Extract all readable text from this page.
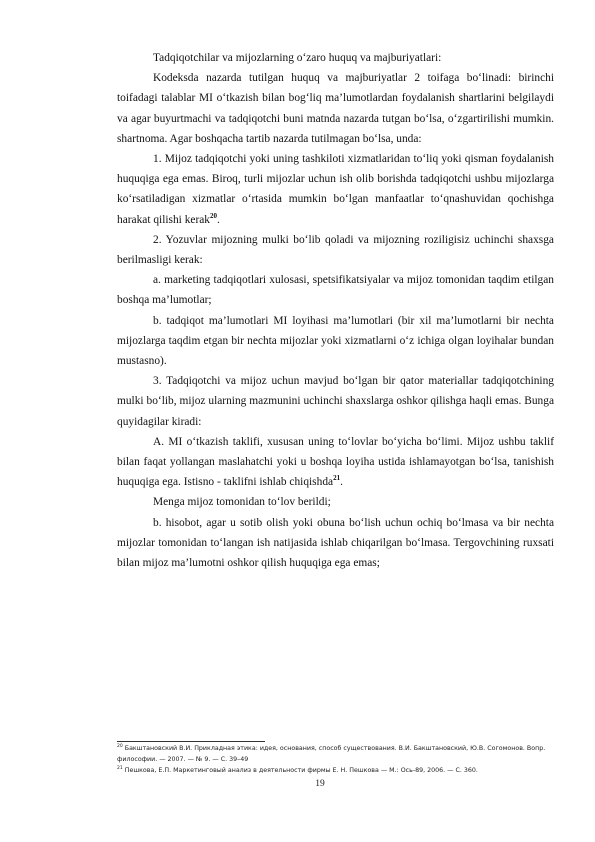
Tadqiqotchilar va mijozlarning o‘zaro huquq va majburiyatlari:

Kodeksda nazarda tutilgan huquq va majburiyatlar 2 toifaga bo‘linadi: birinchi toifadagi talablar MI o‘tkazish bilan bog‘liq ma’lumotlardan foydalanish shartlarini belgilaydi va agar buyurtmachi va tadqiqotchi buni matnda nazarda tutgan bo‘lsa, o‘zgartirilishi mumkin. shartnoma. Agar boshqacha tartib nazarda tutilmagan bo‘lsa, unda:

1. Mijoz tadqiqotchi yoki uning tashkiloti xizmatlaridan to‘liq yoki qisman foydalanish huquqiga ega emas. Biroq, turli mijozlar uchun ish olib borishda tadqiqotchi ushbu mijozlarga ko‘rsatiladigan xizmatlar o‘rtasida mumkin bo‘lgan manfaatlar to‘qnashuvidan qochishga harakat qilishi kerak$^{20}$.

2. Yozuvlar mijozning mulki bo‘lib qoladi va mijozning roziligisiz uchinchi shaxsga berilmasligi kerak:

a. marketing tadqiqotlari xulosasi, spetsifikatsiyalar va mijoz tomonidan taqdim etilgan boshqa ma’lumotlar;

b. tadqiqot ma’lumotlari MI loyihasi ma’lumotlari (bir xil ma’lumotlarni bir nechta mijozlarga taqdim etgan bir nechta mijozlar yoki xizmatlarni o‘z ichiga olgan loyihalar bundan mustasno).

3. Tadqiqotchi va mijoz uchun mavjud bo‘lgan bir qator materiallar tadqiqotchining mulki bo‘lib, mijoz ularning mazmunini uchinchi shaxslarga oshkor qilishga haqli emas. Bunga quyidagilar kiradi:

A. MI o‘tkazish taklifi, xususan uning to‘lovlar bo‘yicha bo‘limi. Mijoz ushbu taklif bilan faqat yollangan maslahatchi yoki u boshqa loyiha ustida ishlamayotgan bo‘lsa, tanishish huquqiga ega. Istisno - taklifni ishlab chiqishda$^{21}$.

Menga mijoz tomonidan to‘lov berildi;

b. hisobot, agar u sotib olish yoki obuna bo‘lish uchun ochiq bo‘lmasa va bir nechta mijozlar tomonidan to‘langan ish natijasida ishlab chiqarilgan bo‘lmasa. Tergovchining ruxsati bilan mijoz ma’lumotni oshkor qilish huquqiga ega emas;

$^{20}$ Бакштановский В.И. Прикладная этика: идея, основания, способ существования. В.И. Бакштановский, Ю.В. Согомонов. Вопр. философии. — 2007. — № 9. — С. 39–49

$^{21}$ Пешкова, Е.П. Маркетинговый анализ в деятельности фирмы Е. Н. Пешкова — М.: Ось-89, 2006. — С. 360.

19
